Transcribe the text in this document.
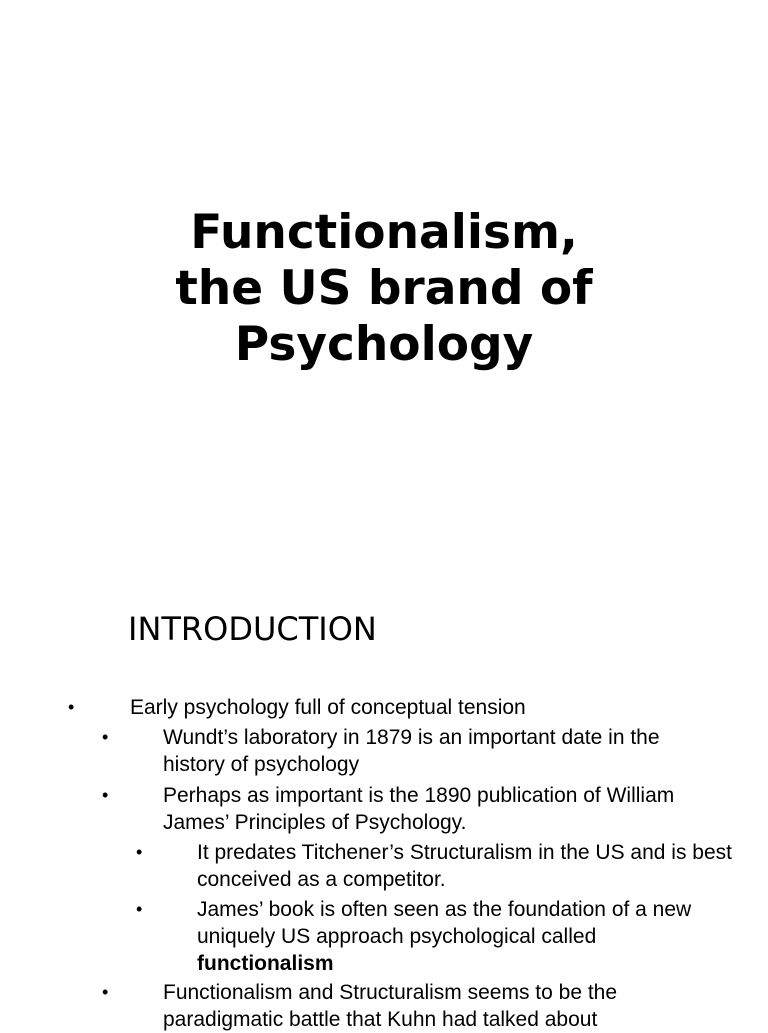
Functionalism,
the US brand of
Psychology
INTRODUCTION
•	Early psychology full of conceptual tension
•	Wundt’s laboratory in 1879 is an important date in the history of psychology
•	Perhaps as important is the 1890 publication of William James’ Principles of Psychology.
•	It predates Titchener’s Structuralism in the US and is best conceived as a competitor.
•	James’ book is often seen as the foundation of a new uniquely US approach psychological called
functionalism
•	Functionalism and Structuralism seems to be the paradigmatic battle that Kuhn had talked about
